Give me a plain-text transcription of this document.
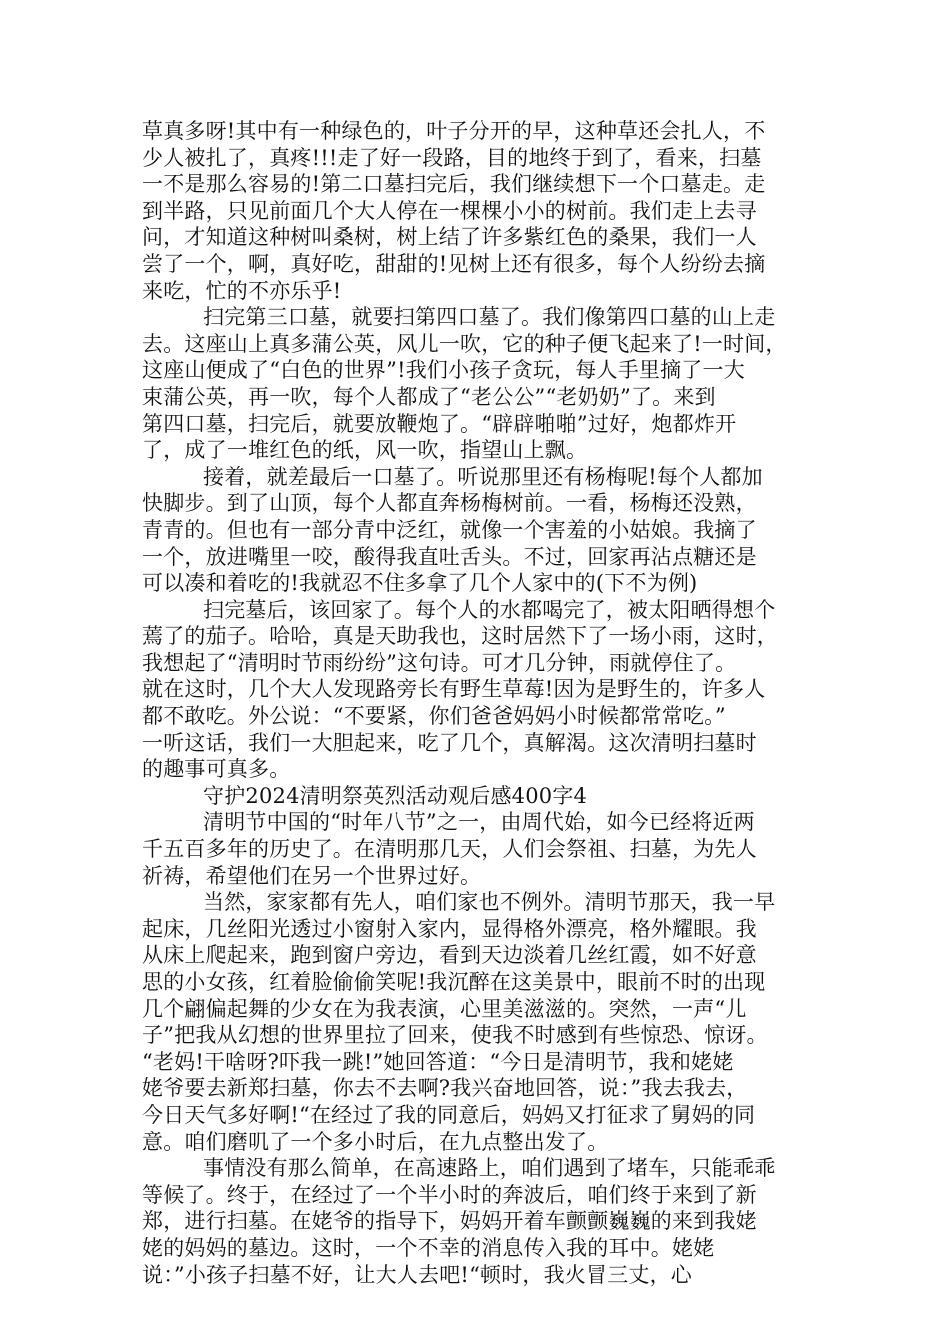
草真多呀!其中有一种绿色的，叶子分开的早，这种草还会扎人，不
少人被扎了，真疼!!!走了好一段路，目的地终于到了，看来，扫墓
一不是那么容易的!第二口墓扫完后，我们继续想下一个口墓走。走
到半路，只见前面几个大人停在一棵棵小小的树前。我们走上去寻
问，才知道这种树叫桑树，树上结了许多紫红色的桑果，我们一人
尝了一个，啊，真好吃，甜甜的!见树上还有很多，每个人纷纷去摘
来吃，忙的不亦乐乎!
扫完第三口墓，就要扫第四口墓了。我们像第四口墓的山上走
去。这座山上真多蒲公英，风儿一吹，它的种子便飞起来了!一时间，
这座山便成了“白色的世界”!我们小孩子贪玩，每人手里摘了一大
束蒲公英，再一吹，每个人都成了“老公公”“老奶奶”了。来到
第四口墓，扫完后，就要放鞭炮了。“辟辟啪啪”过好，炮都炸开
了，成了一堆红色的纸，风一吹，指望山上飘。
接着，就差最后一口墓了。听说那里还有杨梅呢!每个人都加
快脚步。到了山顶，每个人都直奔杨梅树前。一看，杨梅还没熟，
青青的。但也有一部分青中泛红，就像一个害羞的小姑娘。我摘了
一个，放进嘴里一咬，酸得我直吐舌头。不过，回家再沾点糖还是
可以凑和着吃的!我就忍不住多拿了几个人家中的(下不为例)
扫完墓后，该回家了。每个人的水都喝完了，被太阳晒得想个
蔫了的茄子。哈哈，真是天助我也，这时居然下了一场小雨，这时，
我想起了“清明时节雨纷纷”这句诗。可才几分钟，雨就停住了。
就在这时，几个大人发现路旁长有野生草莓!因为是野生的，许多人
都不敢吃。外公说：“不要紧，你们爸爸妈妈小时候都常常吃。”
一听这话，我们一大胆起来，吃了几个，真解渴。这次清明扫墓时
的趣事可真多。
守护2024清明祭英烈活动观后感400字4
清明节中国的“时年八节”之一，由周代始，如今已经将近两
千五百多年的历史了。在清明那几天，人们会祭祖、扫墓，为先人
祈祷，希望他们在另一个世界过好。
当然，家家都有先人，咱们家也不例外。清明节那天，我一早
起床，几丝阳光透过小窗射入家内，显得格外漂亮，格外耀眼。我
从床上爬起来，跑到窗户旁边，看到天边淡着几丝红霞，如不好意
思的小女孩，红着脸偷偷笑呢!我沉醉在这美景中，眼前不时的出现
几个翩偏起舞的少女在为我表演，心里美滋滋的。突然，一声“儿
子”把我从幻想的世界里拉了回来，使我不时感到有些惊恐、惊讶。
“老妈!干啥呀?吓我一跳!”她回答道：“今日是清明节，我和姥姥
姥爷要去新郑扫墓，你去不去啊?我兴奋地回答，说：”我去我去，
今日天气多好啊!“在经过了我的同意后，妈妈又打征求了舅妈的同
意。咱们磨叽了一个多小时后，在九点整出发了。
事情没有那么简单，在高速路上，咱们遇到了堵车，只能乖乖
等候了。终于，在经过了一个半小时的奔波后，咱们终于来到了新
郑，进行扫墓。在姥爷的指导下，妈妈开着车颤颤巍巍的来到我姥
姥的妈妈的墓边。这时，一个不幸的消息传入我的耳中。姥姥
说：”小孩子扫墓不好，让大人去吧!“顿时，我火冒三丈，心
